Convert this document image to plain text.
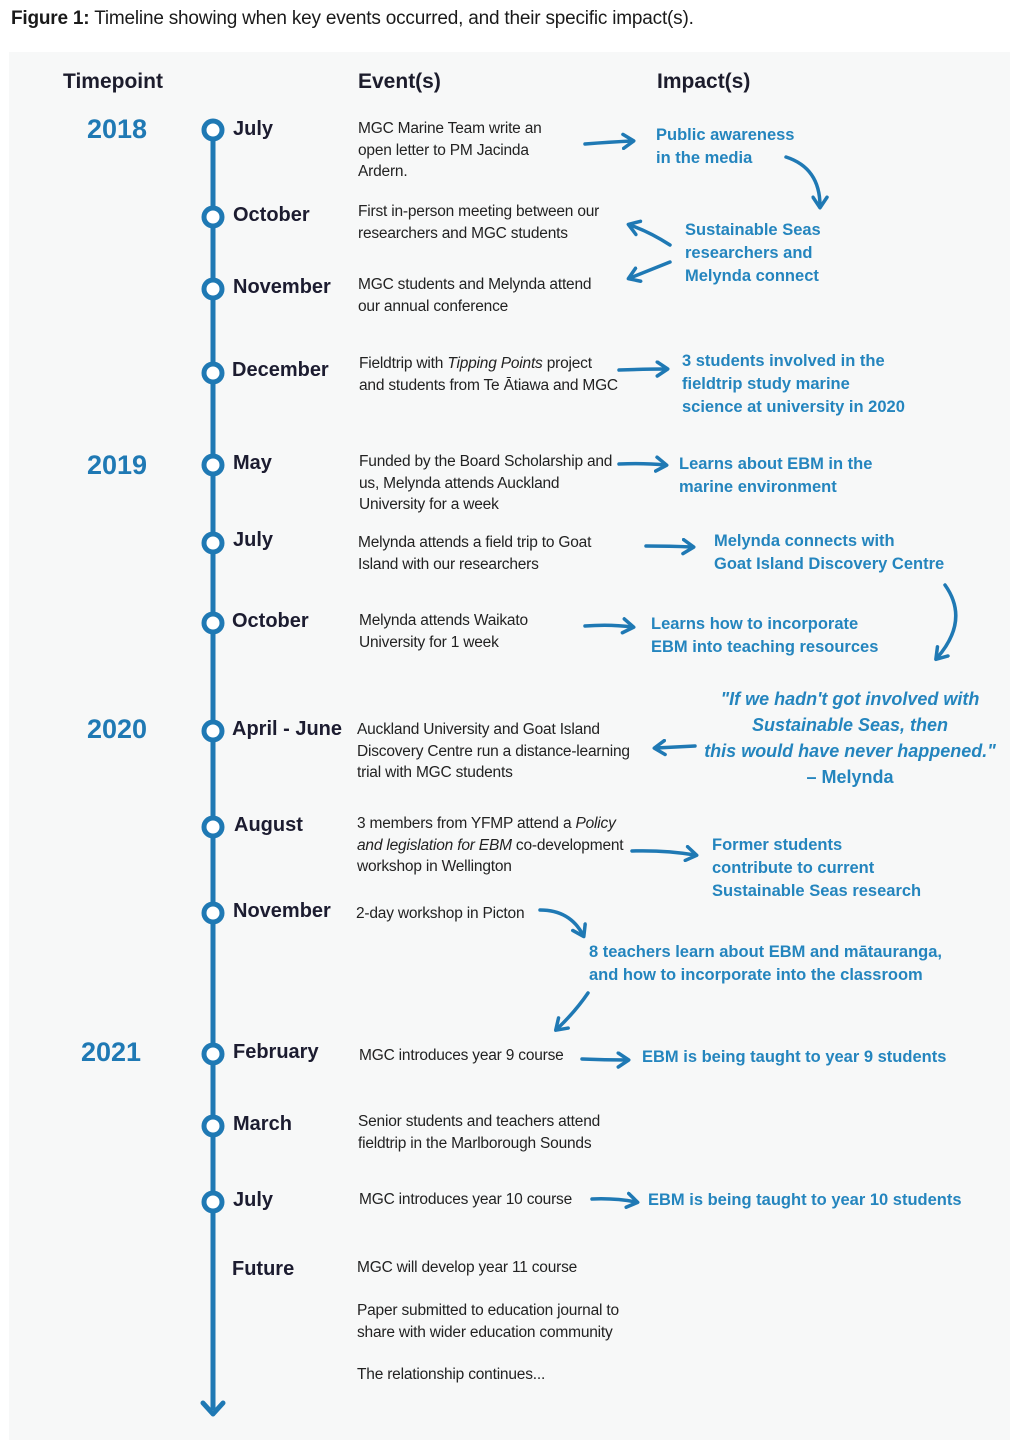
Figure 1: Timeline showing when key events occurred, and their specific impact(s).
Timepoint	Event(s)	Impact(s)
2018
2019
2020
2021
July
October
November
December
May
July
October
April - June
August
November
February
March
July
Future
MGC Marine Team write an
open letter to PM Jacinda
Ardern.
First in-person meeting between our
researchers and MGC students
MGC students and Melynda attend
our annual conference
Fieldtrip with Tipping Points project
and students from Te Ātiawa and MGC
Funded by the Board Scholarship and
us, Melynda attends Auckland
University for a week
Melynda attends a field trip to Goat
Island with our researchers
Melynda attends Waikato
University for 1 week
Auckland University and Goat Island
Discovery Centre run a distance-learning
trial with MGC students
3 members from YFMP attend a Policy
and legislation for EBM co-development
workshop in Wellington
2-day workshop in Picton
MGC introduces year 9 course
Senior students and teachers attend
fieldtrip in the Marlborough Sounds
MGC introduces year 10 course
MGC will develop year 11 course
Paper submitted to education journal to
share with wider education community
The relationship continues...
Public awareness
in the media
Sustainable Seas
researchers and
Melynda connect
3 students involved in the
fieldtrip study marine
science at university in 2020
Learns about EBM in the
marine environment
Melynda connects with
Goat Island Discovery Centre
Learns how to incorporate
EBM into teaching resources
"If we hadn't got involved with
Sustainable Seas, then
this would have never happened."
– Melynda
Former students
contribute to current
Sustainable Seas research
8 teachers learn about EBM and mātauranga,
and how to incorporate into the classroom
EBM is being taught to year 9 students
EBM is being taught to year 10 students
